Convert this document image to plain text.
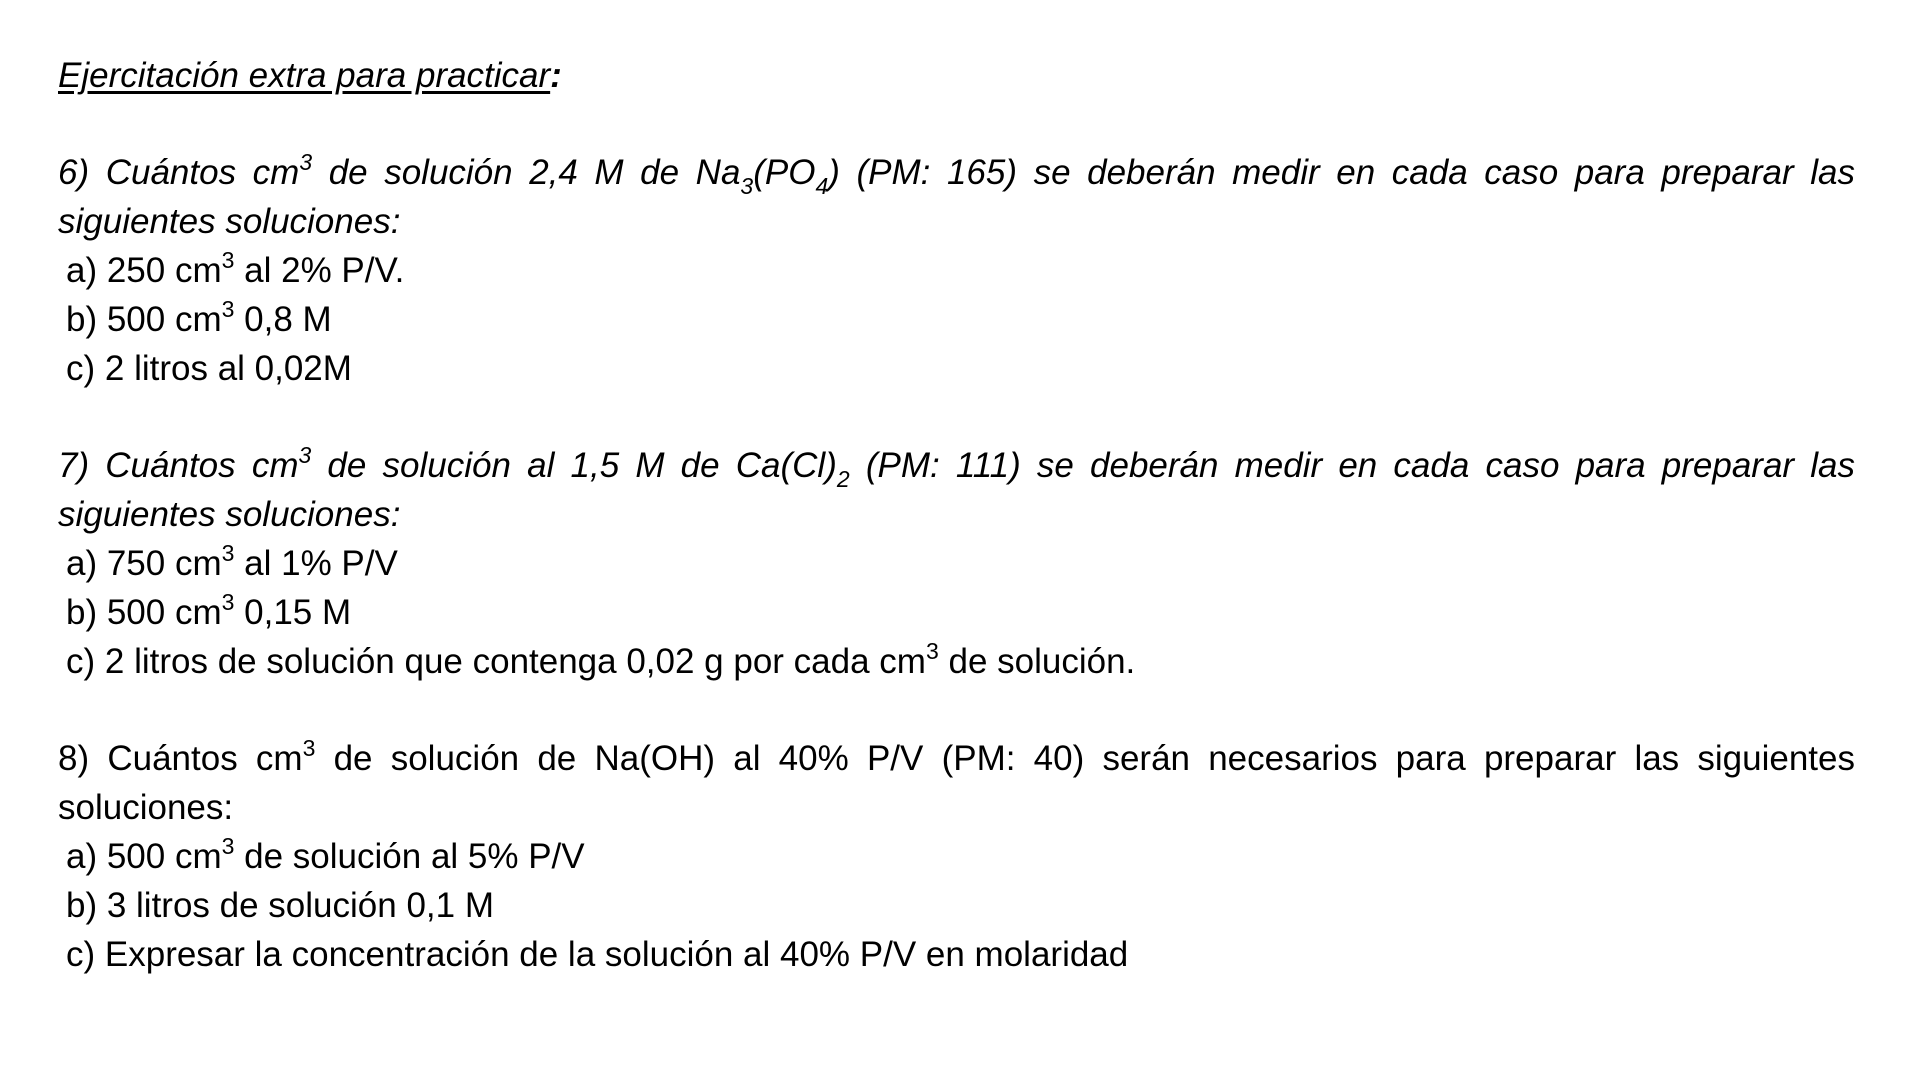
Ejercitación extra para practicar:

6) Cuántos $cm^3$ de solución 2,4 M de $Na_3(PO_4)$ (PM: 165) se deberán medir en cada caso para preparar las siguientes soluciones:

a) 250 $cm^3$ al 2% P/V.
b) 500 $cm^3$ 0,8 M
c) 2 litros al 0,02M

7) Cuántos $cm^3$ de solución al 1,5 M de $Ca(Cl)_2$ (PM: 111) se deberán medir en cada caso para preparar las siguientes soluciones:

a) 750 $cm^3$ al 1% P/V
b) 500 $cm^3$ 0,15 M
c) 2 litros de solución que contenga 0,02 g por cada $cm^3$ de solución.

8) Cuántos $cm^3$ de solución de Na(OH) al 40% P/V (PM: 40) serán necesarios para preparar las siguientes soluciones:

a) 500 $cm^3$ de solución al 5% P/V
b) 3 litros de solución 0,1 M
c) Expresar la concentración de la solución al 40% P/V en molaridad
